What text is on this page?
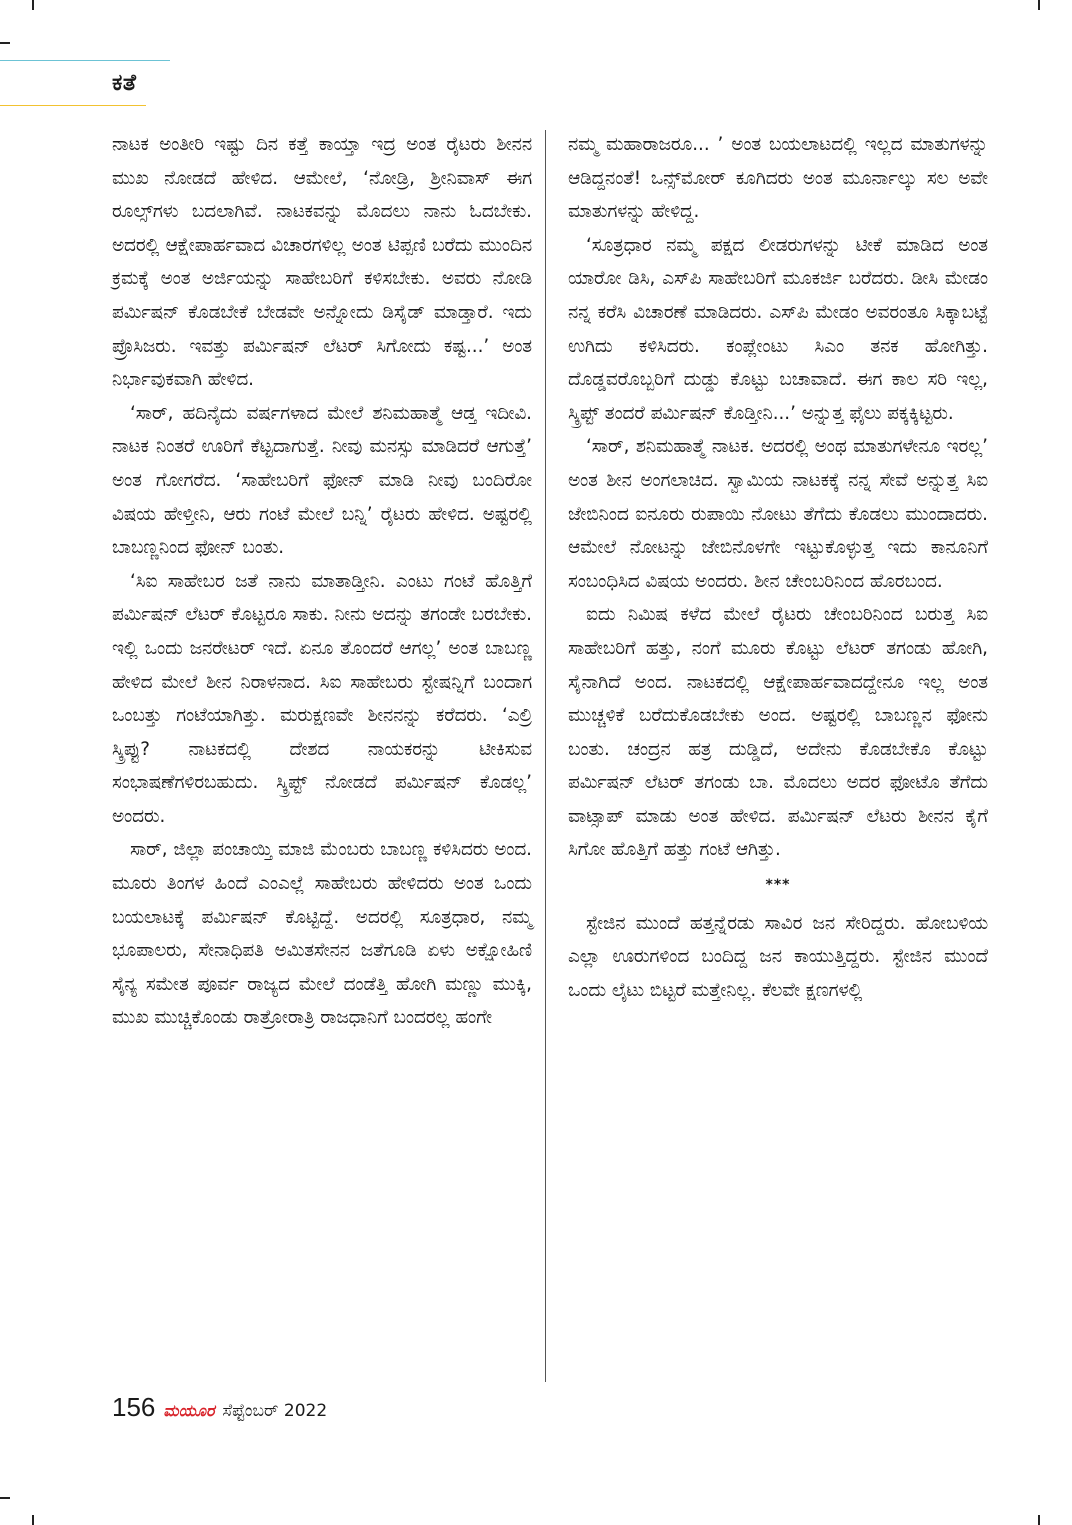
ಕತೆ

ನಾಟಕ ಅಂತೀರಿ ಇಷ್ಟು ದಿನ ಕತ್ತೆ ಕಾಯ್ತಾ ಇದ್ರ ಅಂತ ರೈಟರು ಶೀನನ ಮುಖ ನೋಡದೆ ಹೇಳಿದ. ಆಮೇಲೆ, ‘ನೋಡ್ರಿ, ಶ್ರೀನಿವಾಸ್ ಈಗ ರೂಲ್ಸ್‌ಗಳು ಬದಲಾಗಿವೆ. ನಾಟಕವನ್ನು ಮೊದಲು ನಾನು ಓದಬೇಕು. ಅದರಲ್ಲಿ ಆಕ್ಷೇಪಾರ್ಹವಾದ ವಿಚಾರಗಳಿಲ್ಲ ಅಂತ ಟಿಪ್ಪಣಿ ಬರೆದು ಮುಂದಿನ ಕ್ರಮಕ್ಕೆ ಅಂತ ಅರ್ಜಿಯನ್ನು ಸಾಹೇಬರಿಗೆ ಕಳಿಸಬೇಕು. ಅವರು ನೋಡಿ ಪರ್ಮಿಷನ್ ಕೊಡಬೇಕೆ ಬೇಡವೇ ಅನ್ನೋದು ಡಿಸೈಡ್ ಮಾಡ್ತಾರೆ. ಇದು ಪ್ರೊಸಿಜರು. ಇವತ್ತು ಪರ್ಮಿಷನ್ ಲೆಟರ್ ಸಿಗೋದು ಕಷ್ಟ...’ ಅಂತ ನಿರ್ಭಾವುಕವಾಗಿ ಹೇಳಿದ.

‘ಸಾರ್, ಹದಿನೈದು ವರ್ಷಗಳಾದ ಮೇಲೆ ಶನಿಮಹಾತ್ಮೆ ಆಡ್ತ ಇದೀವಿ. ನಾಟಕ ನಿಂತರೆ ಊರಿಗೆ ಕೆಟ್ಟದಾಗುತ್ತೆ. ನೀವು ಮನಸ್ಸು ಮಾಡಿದರೆ ಆಗುತ್ತೆ’ ಅಂತ ಗೋಗರೆದ. ‘ಸಾಹೇಬರಿಗೆ ಫೋನ್ ಮಾಡಿ ನೀವು ಬಂದಿರೋ ವಿಷಯ ಹೇಳ್ತೀನಿ, ಆರು ಗಂಟೆ ಮೇಲೆ ಬನ್ನಿ’ ರೈಟರು ಹೇಳಿದ. ಅಷ್ಟರಲ್ಲಿ ಬಾಬಣ್ಣನಿಂದ ಫೋನ್ ಬಂತು.

‘ಸಿಐ ಸಾಹೇಬರ ಜತೆ ನಾನು ಮಾತಾಡ್ತೀನಿ. ಎಂಟು ಗಂಟೆ ಹೊತ್ತಿಗೆ ಪರ್ಮಿಷನ್ ಲೆಟರ್ ಕೊಟ್ಟರೂ ಸಾಕು. ನೀನು ಅದನ್ನು ತಗಂಡೇ ಬರಬೇಕು. ಇಲ್ಲಿ ಒಂದು ಜನರೇಟರ್ ಇದೆ. ಏನೂ ತೊಂದರೆ ಆಗಲ್ಲ’ ಅಂತ ಬಾಬಣ್ಣ ಹೇಳಿದ ಮೇಲೆ ಶೀನ ನಿರಾಳನಾದ. ಸಿಐ ಸಾಹೇಬರು ಸ್ಟೇಷನ್ನಿಗೆ ಬಂದಾಗ ಒಂಬತ್ತು ಗಂಟೆಯಾಗಿತ್ತು. ಮರುಕ್ಷಣವೇ ಶೀನನನ್ನು ಕರೆದರು. ‘ಎಲ್ರಿ ಸ್ಕ್ರಿಪ್ಟು? ನಾಟಕದಲ್ಲಿ ದೇಶದ ನಾಯಕರನ್ನು ಟೀಕಿಸುವ ಸಂಭಾಷಣೆಗಳಿರಬಹುದು. ಸ್ಕ್ರಿಪ್ಟ್ ನೋಡದೆ ಪರ್ಮಿಷನ್ ಕೊಡಲ್ಲ’ ಅಂದರು.

ಸಾರ್, ಜಿಲ್ಲಾ ಪಂಚಾಯ್ತಿ ಮಾಜಿ ಮೆಂಬರು ಬಾಬಣ್ಣ ಕಳಿಸಿದರು ಅಂದ. ಮೂರು ತಿಂಗಳ ಹಿಂದೆ ಎಂಎಲ್ಲೆ ಸಾಹೇಬರು ಹೇಳಿದರು ಅಂತ ಒಂದು ಬಯಲಾಟಕ್ಕೆ ಪರ್ಮಿಷನ್ ಕೊಟ್ಟಿದ್ದೆ. ಅದರಲ್ಲಿ ಸೂತ್ರಧಾರ, ನಮ್ಮ ಭೂಪಾಲರು, ಸೇನಾಧಿಪತಿ ಅಮಿತಸೇನನ ಜತೆಗೂಡಿ ಏಳು ಅಕ್ಷೋಹಿಣಿ ಸೈನ್ಯ ಸಮೇತ ಪೂರ್ವ ರಾಜ್ಯದ ಮೇಲೆ ದಂಡೆತ್ತಿ ಹೋಗಿ ಮಣ್ಣು ಮುಕ್ಕಿ, ಮುಖ ಮುಚ್ಚಿಕೊಂಡು ರಾತ್ರೋರಾತ್ರಿ ರಾಜಧಾನಿಗೆ ಬಂದರಲ್ಲ ಹಂಗೇ

ನಮ್ಮ ಮಹಾರಾಜರೂ... ’ ಅಂತ ಬಯಲಾಟದಲ್ಲಿ ಇಲ್ಲದ ಮಾತುಗಳನ್ನು ಆಡಿದ್ದನಂತೆ! ಒನ್ಸ್‌ಮೋರ್ ಕೂಗಿದರು ಅಂತ ಮೂರ್ನಾಲ್ಕು ಸಲ ಅವೇ ಮಾತುಗಳನ್ನು ಹೇಳಿದ್ದ.

‘ಸೂತ್ರಧಾರ ನಮ್ಮ ಪಕ್ಷದ ಲೀಡರುಗಳನ್ನು ಟೀಕೆ ಮಾಡಿದ ಅಂತ ಯಾರೋ ಡಿಸಿ, ಎಸ್‌ಪಿ ಸಾಹೇಬರಿಗೆ ಮೂಕರ್ಜಿ ಬರೆದರು. ಡೀಸಿ ಮೇಡಂ ನನ್ನ ಕರೆಸಿ ವಿಚಾರಣೆ ಮಾಡಿದರು. ಎಸ್‌ಪಿ ಮೇಡಂ ಅವರಂತೂ ಸಿಕ್ಕಾಬಟ್ಟೆ ಉಗಿದು ಕಳಿಸಿದರು. ಕಂಪ್ಲೇಂಟು ಸಿಎಂ ತನಕ ಹೋಗಿತ್ತು. ದೊಡ್ಡವರೊಬ್ಬರಿಗೆ ದುಡ್ಡು ಕೊಟ್ಟು ಬಚಾವಾದೆ. ಈಗ ಕಾಲ ಸರಿ ಇಲ್ಲ, ಸ್ಕ್ರಿಪ್ಟ್ ತಂದರೆ ಪರ್ಮಿಷನ್ ಕೊಡ್ತೀನಿ...’ ಅನ್ನುತ್ತ ಫೈಲು ಪಕ್ಕಕ್ಕಿಟ್ಟರು.

‘ಸಾರ್, ಶನಿಮಹಾತ್ಮೆ ನಾಟಕ. ಅದರಲ್ಲಿ ಅಂಥ ಮಾತುಗಳೇನೂ ಇರಲ್ಲ’ ಅಂತ ಶೀನ ಅಂಗಲಾಚಿದ. ಸ್ವಾಮಿಯ ನಾಟಕಕ್ಕೆ ನನ್ನ ಸೇವೆ ಅನ್ನುತ್ತ ಸಿಐ ಜೇಬಿನಿಂದ ಐನೂರು ರುಪಾಯಿ ನೋಟು ತೆಗೆದು ಕೊಡಲು ಮುಂದಾದರು. ಆಮೇಲೆ ನೋಟನ್ನು ಜೇಬಿನೊಳಗೇ ಇಟ್ಟುಕೊಳ್ಳುತ್ತ ಇದು ಕಾನೂನಿಗೆ ಸಂಬಂಧಿಸಿದ ವಿಷಯ ಅಂದರು. ಶೀನ ಚೇಂಬರಿನಿಂದ ಹೊರಬಂದ.

ಐದು ನಿಮಿಷ ಕಳೆದ ಮೇಲೆ ರೈಟರು ಚೇಂಬರಿನಿಂದ ಬರುತ್ತ ಸಿಐ ಸಾಹೇಬರಿಗೆ ಹತ್ತು, ನಂಗೆ ಮೂರು ಕೊಟ್ಟು ಲೆಟರ್ ತಗಂಡು ಹೋಗಿ, ಸೈನಾಗಿದೆ ಅಂದ. ನಾಟಕದಲ್ಲಿ ಆಕ್ಷೇಪಾರ್ಹವಾದದ್ದೇನೂ ಇಲ್ಲ ಅಂತ ಮುಚ್ಚಳಿಕೆ ಬರೆದುಕೊಡಬೇಕು ಅಂದ. ಅಷ್ಟರಲ್ಲಿ ಬಾಬಣ್ಣನ ಫೋನು ಬಂತು. ಚಂದ್ರನ ಹತ್ರ ದುಡ್ಡಿದೆ, ಅದೇನು ಕೊಡಬೇಕೊ ಕೊಟ್ಟು ಪರ್ಮಿಷನ್ ಲೆಟರ್ ತಗಂಡು ಬಾ. ಮೊದಲು ಅದರ ಫೋಟೊ ತೆಗೆದು ವಾಟ್ಸಾಪ್ ಮಾಡು ಅಂತ ಹೇಳಿದ. ಪರ್ಮಿಷನ್ ಲೆಟರು ಶೀನನ ಕೈಗೆ ಸಿಗೋ ಹೊತ್ತಿಗೆ ಹತ್ತು ಗಂಟೆ ಆಗಿತ್ತು.

***

ಸ್ಟೇಜಿನ ಮುಂದೆ ಹತ್ತನ್ನೆರಡು ಸಾವಿರ ಜನ ಸೇರಿದ್ದರು. ಹೋಬಳಿಯ ಎಲ್ಲಾ ಊರುಗಳಿಂದ ಬಂದಿದ್ದ ಜನ ಕಾಯುತ್ತಿದ್ದರು. ಸ್ಟೇಜಿನ ಮುಂದೆ ಒಂದು ಲೈಟು ಬಿಟ್ಟರೆ ಮತ್ತೇನಿಲ್ಲ. ಕೆಲವೇ ಕ್ಷಣಗಳಲ್ಲಿ

156 ಮಯೂರ ಸೆಪ್ಟೆಂಬರ್ 2022
